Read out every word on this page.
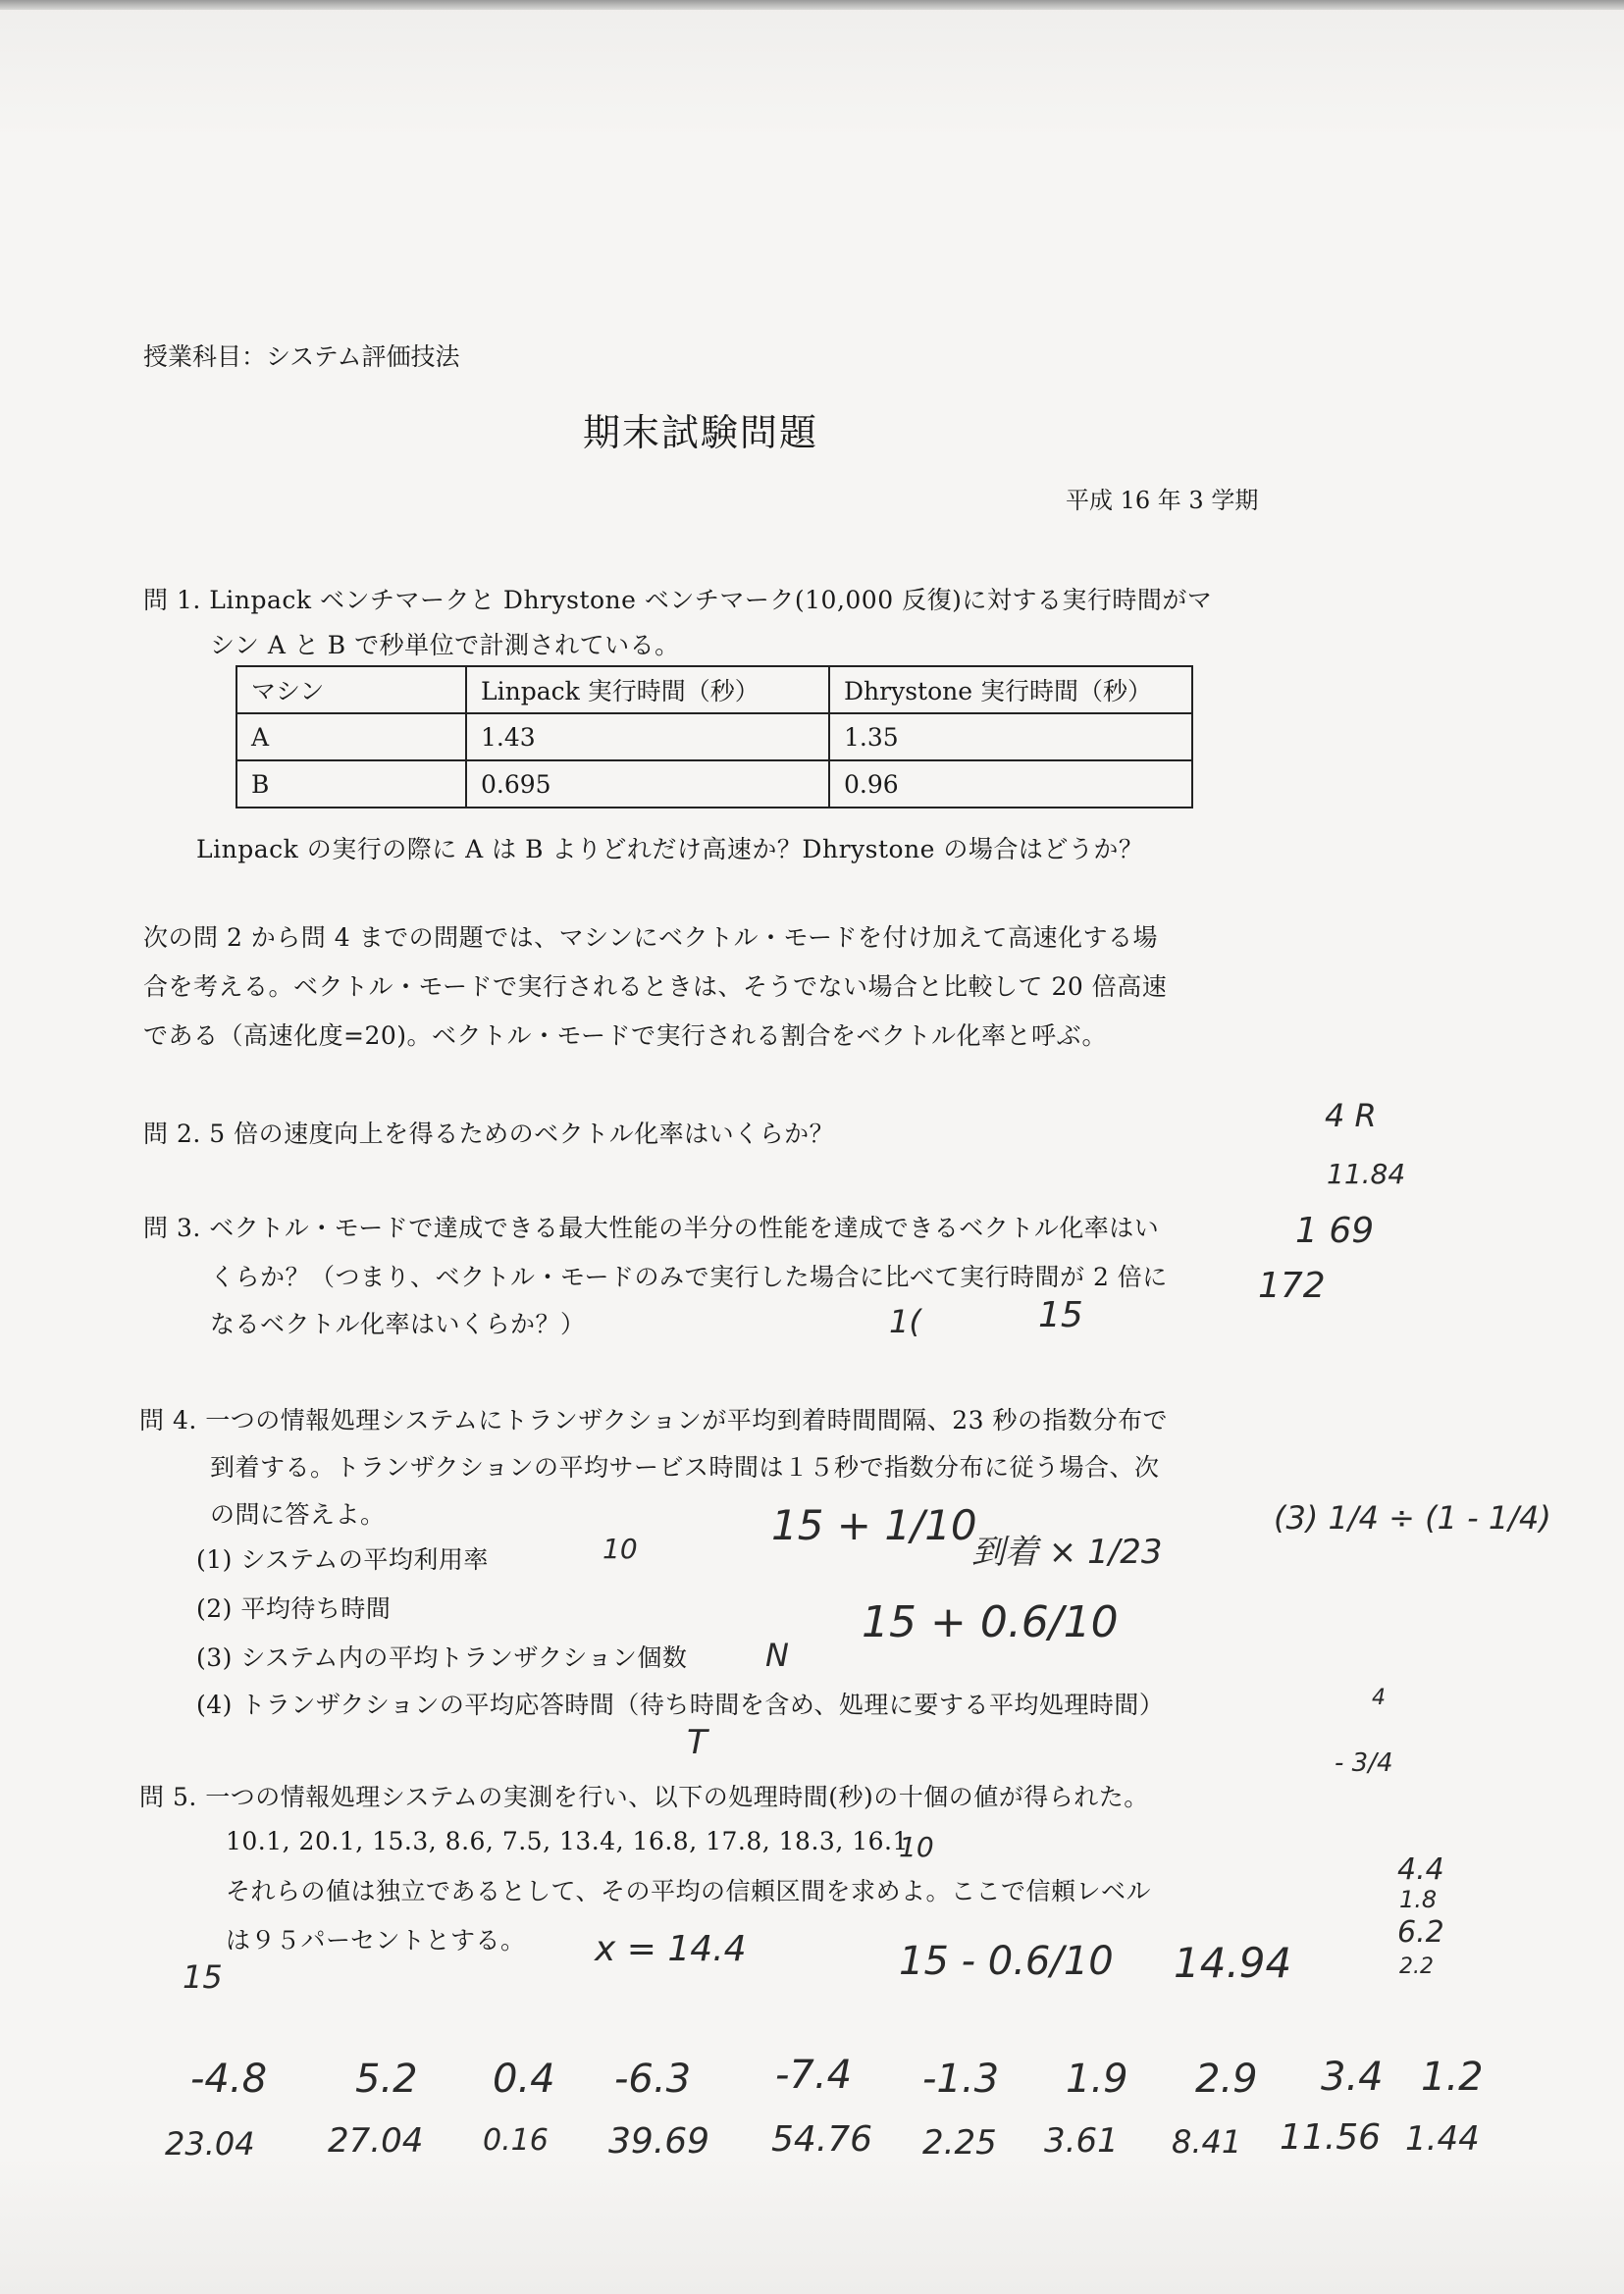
授業科目：システム評価技法
期末試験問題
平成 16 年 3 学期
問 1. Linpack ベンチマークと Dhrystone ベンチマーク(10,000 反復)に対する実行時間がマ
シン A と B で秒単位で計測されている。
マシン	Linpack 実行時間（秒）	Dhrystone 実行時間（秒）
A	1.43	1.35
B	0.695	0.96
Linpack の実行の際に A は B よりどれだけ高速か？Dhrystone の場合はどうか？
次の問 2 から問 4 までの問題では、マシンにベクトル・モードを付け加えて高速化する場
合を考える。ベクトル・モードで実行されるときは、そうでない場合と比較して 20 倍高速
である（高速化度=20)。ベクトル・モードで実行される割合をベクトル化率と呼ぶ。
問 2. 5 倍の速度向上を得るためのベクトル化率はいくらか？
問 3. ベクトル・モードで達成できる最大性能の半分の性能を達成できるベクトル化率はい
くらか？（つまり、ベクトル・モードのみで実行した場合に比べて実行時間が 2 倍に
なるベクトル化率はいくらか？）
問 4. 一つの情報処理システムにトランザクションが平均到着時間間隔、23 秒の指数分布で
到着する。トランザクションの平均サービス時間は１５秒で指数分布に従う場合、次
の問に答えよ。
(1) システムの平均利用率
(2) 平均待ち時間
(3) システム内の平均トランザクション個数
(4) トランザクションの平均応答時間（待ち時間を含め、処理に要する平均処理時間）
問 5. 一つの情報処理システムの実測を行い、以下の処理時間(秒)の十個の値が得られた。
10.1, 20.1, 15.3, 8.6, 7.5, 13.4, 16.8, 17.8, 18.3, 16.1
それらの値は独立であるとして、その平均の信頼区間を求めよ。ここで信頼レベル
は９５パーセントとする。
4 R
11.84
1 69
172
1(	15
10	15 + 1/10
到着 × 1/23
(3) 1/4 ÷ (1 - 1/4)
15 + 0.6/10
N
T
4
- 3/4
10
15
x = 14.4	15 - 0.6/10 14.94
4.4
1.8
6.2
2.2
-4.8 5.2 0.4 -6.3 -7.4 -1.3 1.9 2.9 3.4 1.2
23.04 27.04 0.16 39.69 54.76 2.25 3.61 8.41 11.56 1.44
